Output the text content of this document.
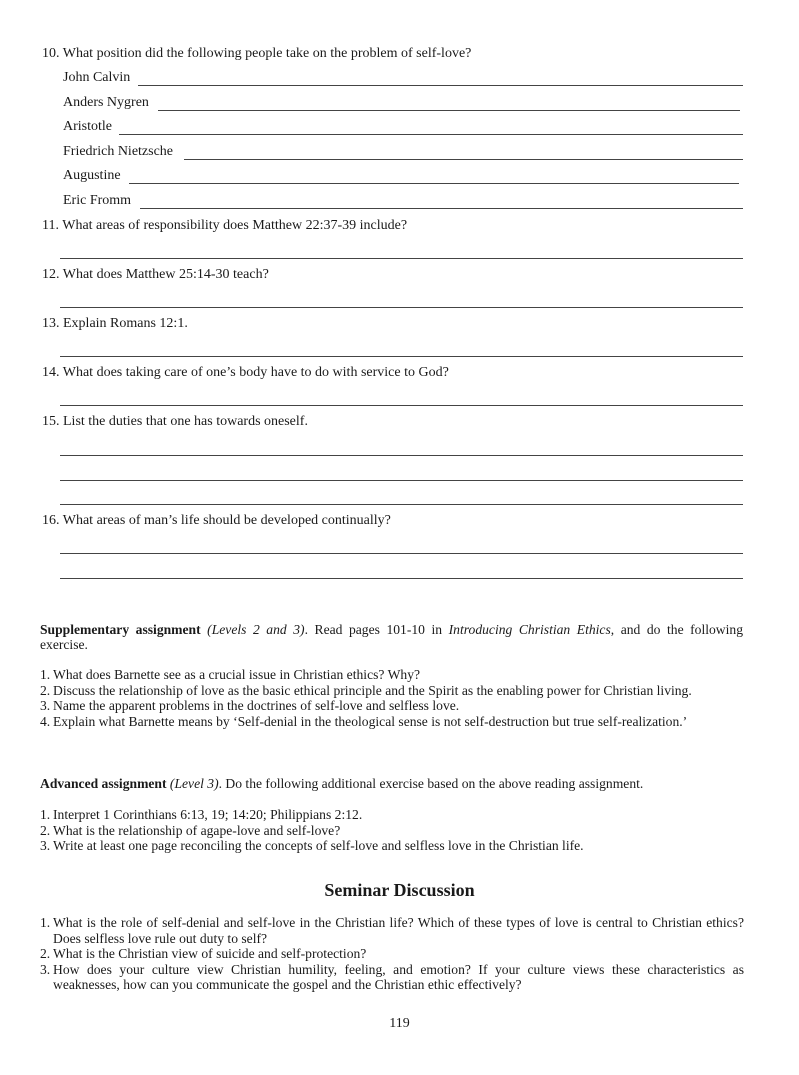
10. What position did the following people take on the problem of self-love?
John Calvin
Anders Nygren
Aristotle
Friedrich Nietzsche
Augustine
Eric Fromm
11. What areas of responsibility does Matthew 22:37-39 include?
12. What does Matthew 25:14-30 teach?
13. Explain Romans 12:1.
14. What does taking care of one’s body have to do with service to God?
15. List the duties that one has towards oneself.
16. What areas of man’s life should be developed continually?
Supplementary assignment (Levels 2 and 3). Read pages 101-10 in Introducing Christian Ethics, and do the following exercise.
1. What does Barnette see as a crucial issue in Christian ethics? Why?
2. Discuss the relationship of love as the basic ethical principle and the Spirit as the enabling power for Christian living.
3. Name the apparent problems in the doctrines of self-love and selfless love.
4. Explain what Barnette means by ‘Self-denial in the theological sense is not self-destruction but true self-realization.’
Advanced assignment (Level 3). Do the following additional exercise based on the above reading assignment.
1. Interpret 1 Corinthians 6:13, 19; 14:20; Philippians 2:12.
2. What is the relationship of agape-love and self-love?
3. Write at least one page reconciling the concepts of self-love and selfless love in the Christian life.
Seminar Discussion
1. What is the role of self-denial and self-love in the Christian life? Which of these types of love is central to Christian ethics? Does selfless love rule out duty to self?
2. What is the Christian view of suicide and self-protection?
3. How does your culture view Christian humility, feeling, and emotion? If your culture views these characteristics as weaknesses, how can you communicate the gospel and the Christian ethic effectively?
119
